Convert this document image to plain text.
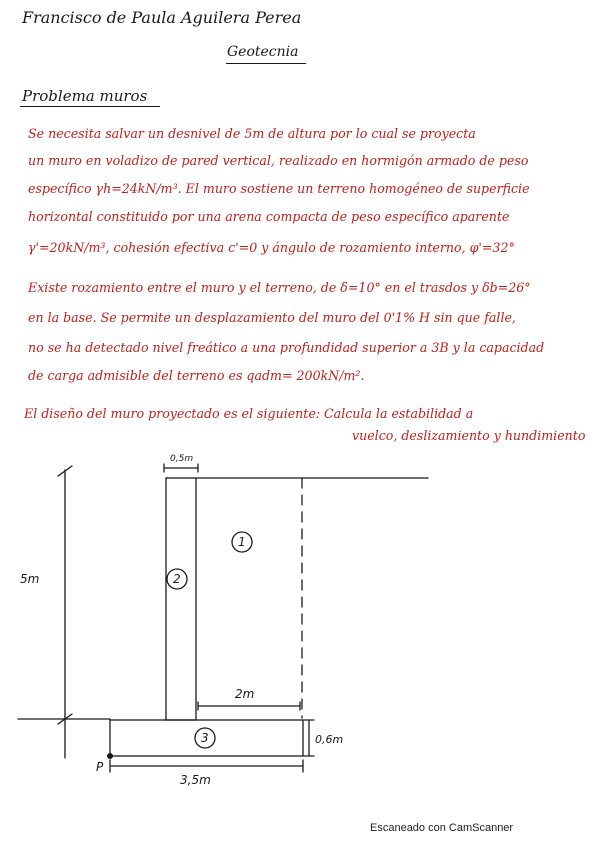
Francisco de Paula Aguilera Perea
Geotecnia
Problema muros
Se necesita salvar un desnivel de 5m de altura por lo cual se proyecta
un muro en voladizo de pared vertical, realizado en hormigón armado de peso
específico γh=24kN/m³. El muro sostiene un terreno homogéneo de superficie
horizontal constituido por una arena compacta de peso específico aparente
γ'=20kN/m³, cohesión efectiva c'=0 y ángulo de rozamiento interno, φ'=32°
Existe rozamiento entre el muro y el terreno, de δ=10° en el trasdos y δb=26°
en la base. Se permite un desplazamiento del muro del 0'1% H sin que falle,
no se ha detectado nivel freático a una profundidad superior a 3B y la capacidad
de carga admisible del terreno es qadm= 200kN/m².
El diseño del muro proyectado es el siguiente: Calcula la estabilidad a
vuelco, deslizamiento y hundimiento
0,5m
5m
2m
0,6m
3,5m
P
1
2
3
Escaneado con CamScanner
